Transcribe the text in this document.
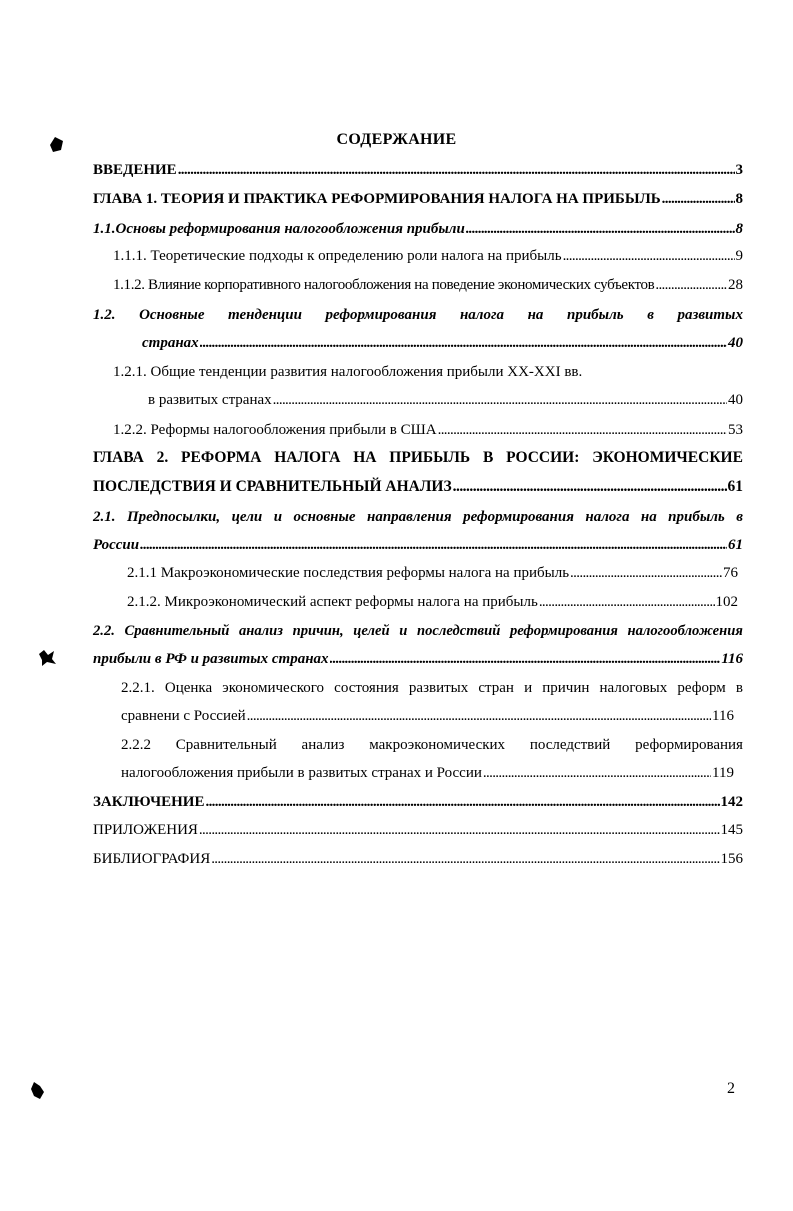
СОДЕРЖАНИЕ
ВВЕДЕНИЕ . . .	3
ГЛАВА 1. ТЕОРИЯ И ПРАКТИКА РЕФОРМИРОВАНИЯ НАЛОГА НА ПРИБЫЛЬ . . .	8
1.1. Основы реформирования налогообложения прибыли . . .	8
1.1.1. Теоретические подходы к определению роли налога на прибыль . . .	9
1.1.2. Влияние корпоративного налогообложения на поведение экономических субъектов . . .	28
1.2. Основные тенденции реформирования налога на прибыль в развитых
странах . . .	40
1.2.1. Общие тенденции развития налогообложения прибыли XX-XXI вв.
в развитых странах . . .	40
1.2.2. Реформы налогообложения прибыли в США . . .	53
ГЛАВА 2. РЕФОРМА НАЛОГА НА ПРИБЫЛЬ В РОССИИ: ЭКОНОМИЧЕСКИЕ
ПОСЛЕДСТВИЯ И СРАВНИТЕЛЬНЫЙ АНАЛИЗ . . .	61
2.1. Предпосылки, цели и основные направления реформирования налога на прибыль в
России . . .	61
2.1.1 Макроэкономические последствия реформы налога на прибыль . . .	76
2.1.2. Микроэкономический аспект реформы налога на прибыль . . .	102
2.2. Сравнительный анализ причин, целей и последствий реформирования налогообложения
прибыли в РФ и развитых странах . . .	116
2.2.1. Оценка экономического состояния развитых стран и причин налоговых реформ в
сравнени с Россией . . .	116
2.2.2 Сравнительный анализ макроэкономических последствий реформирования
налогообложения прибыли в развитых странах и России . . .	119
ЗАКЛЮЧЕНИЕ . . .	142
ПРИЛОЖЕНИЯ . . .	145
БИБЛИОГРАФИЯ . . .	156
2
